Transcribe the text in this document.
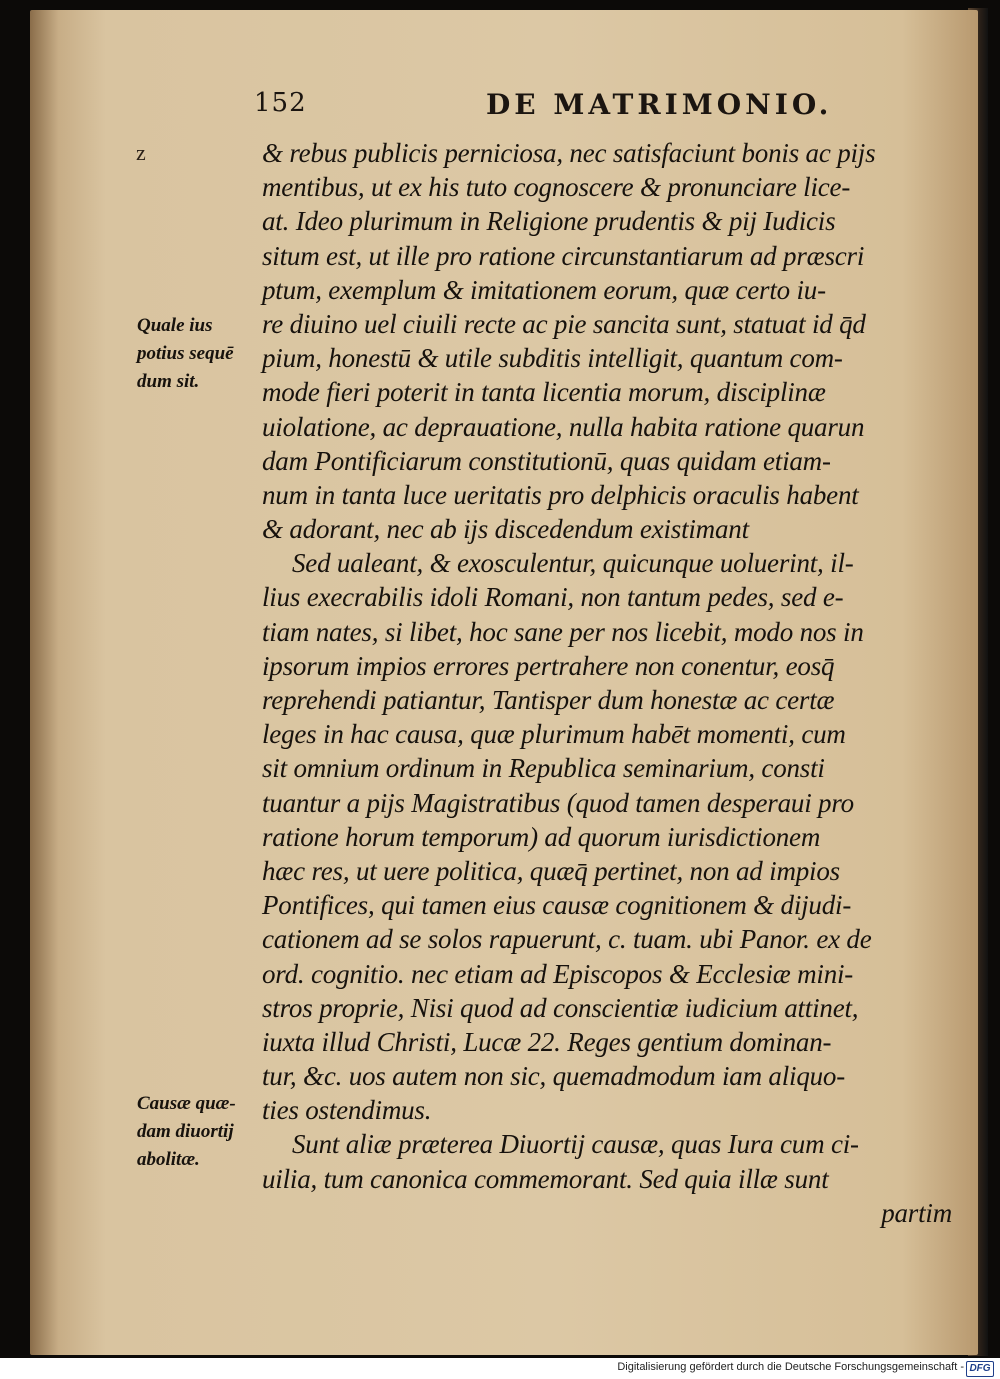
152	DE MATRIMONIO.
z
Quale ius
potius sequē
dum sit.
Causæ quæ-
dam diuortij
abolitæ.
& rebus publicis perniciosa, nec satisfaciunt bonis ac pijs
mentibus, ut ex his tuto cognoscere & pronunciare lice-
at. Ideo plurimum in Religione prudentis & pij Iudicis
situm est, ut ille pro ratione circunstantiarum ad præscri
ptum, exemplum & imitationem eorum, quæ certo iu-
re diuino uel ciuili recte ac pie sancita sunt, statuat id q̄d
pium, honestū & utile subditis intelligit, quantum com-
mode fieri poterit in tanta licentia morum, disciplinæ
uiolatione, ac deprauatione, nulla habita ratione quarun
dam Pontificiarum constitutionū, quas quidam etiam-
num in tanta luce ueritatis pro delphicis oraculis habent
& adorant, nec ab ijs discedendum existimant
Sed ualeant, & exosculentur, quicunque uoluerint, il-
lius execrabilis idoli Romani, non tantum pedes, sed e-
tiam nates, si libet, hoc sane per nos licebit, modo nos in
ipsorum impios errores pertrahere non conentur, eosq̄
reprehendi patiantur, Tantisper dum honestæ ac certæ
leges in hac causa, quæ plurimum habēt momenti, cum
sit omnium ordinum in Republica seminarium, consti
tuantur a pijs Magistratibus (quod tamen desperaui pro
ratione horum temporum) ad quorum iurisdictionem
hæc res, ut uere politica, quæq̄ pertinet, non ad impios
Pontifices, qui tamen eius causæ cognitionem & dijudi-
cationem ad se solos rapuerunt, c. tuam. ubi Panor. ex de
ord. cognitio. nec etiam ad Episcopos & Ecclesiæ mini-
stros proprie, Nisi quod ad conscientiæ iudicium attinet,
iuxta illud Christi, Lucæ 22. Reges gentium dominan-
tur, &c. uos autem non sic, quemadmodum iam aliquo-
ties ostendimus.
Sunt aliæ præterea Diuortij causæ, quas Iura cum ci-
uilia, tum canonica commemorant. Sed quia illæ sunt
partim
Digitalisierung gefördert durch die Deutsche Forschungsgemeinschaft - DFG
